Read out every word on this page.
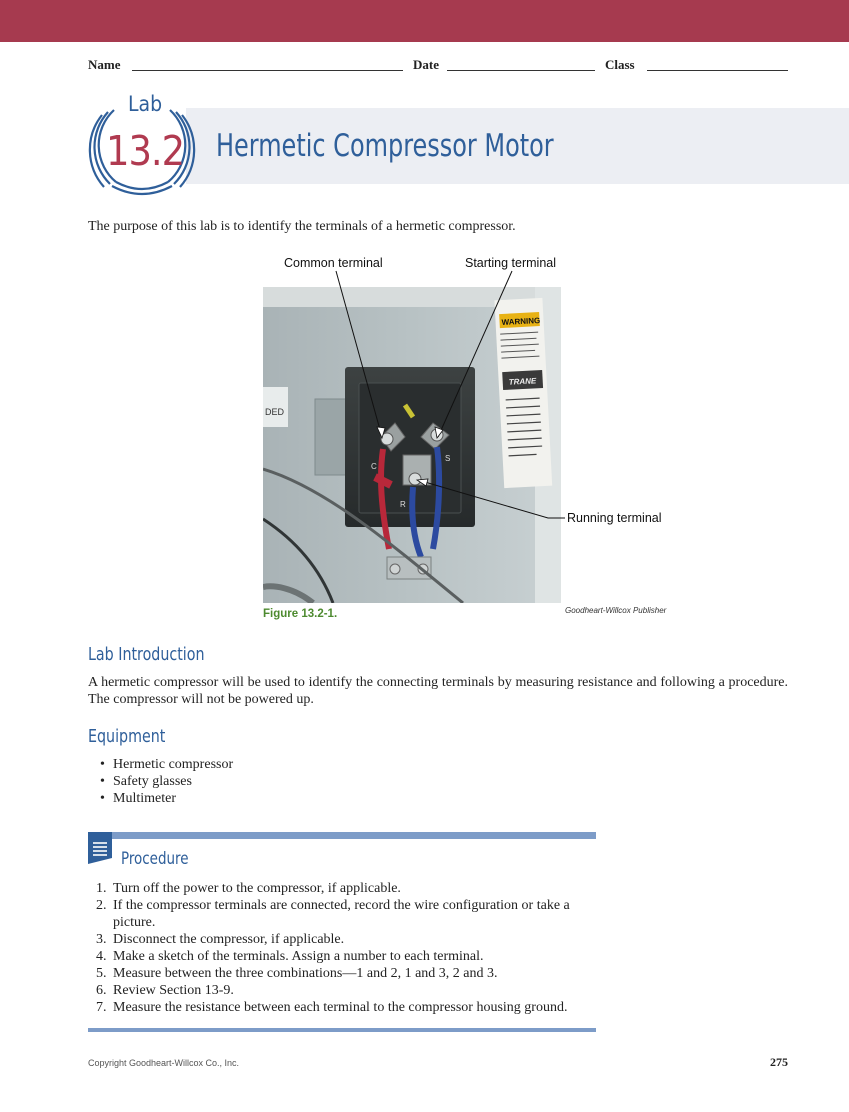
Name	Date	Class
Lab
13.2 Hermetic Compressor Motor
The purpose of this lab is to identify the terminals of a hermetic compressor.
Common terminal	Starting terminal
Running terminal
DED
WARNING
TRANE
C
S
R
Figure 13.2-1.	Goodheart-Willcox Publisher
Lab Introduction
A hermetic compressor will be used to identify the connecting terminals by measuring resistance and following a procedure. The compressor will not be powered up.
Equipment
• Hermetic compressor
• Safety glasses
• Multimeter
Procedure
1. Turn off the power to the compressor, if applicable.
2. If the compressor terminals are connected, record the wire configuration or take a picture.
3. Disconnect the compressor, if applicable.
4. Make a sketch of the terminals. Assign a number to each terminal.
5. Measure between the three combinations—1 and 2, 1 and 3, 2 and 3.
6. Review Section 13-9.
7. Measure the resistance between each terminal to the compressor housing ground.
Copyright Goodheart-Willcox Co., Inc.	275
